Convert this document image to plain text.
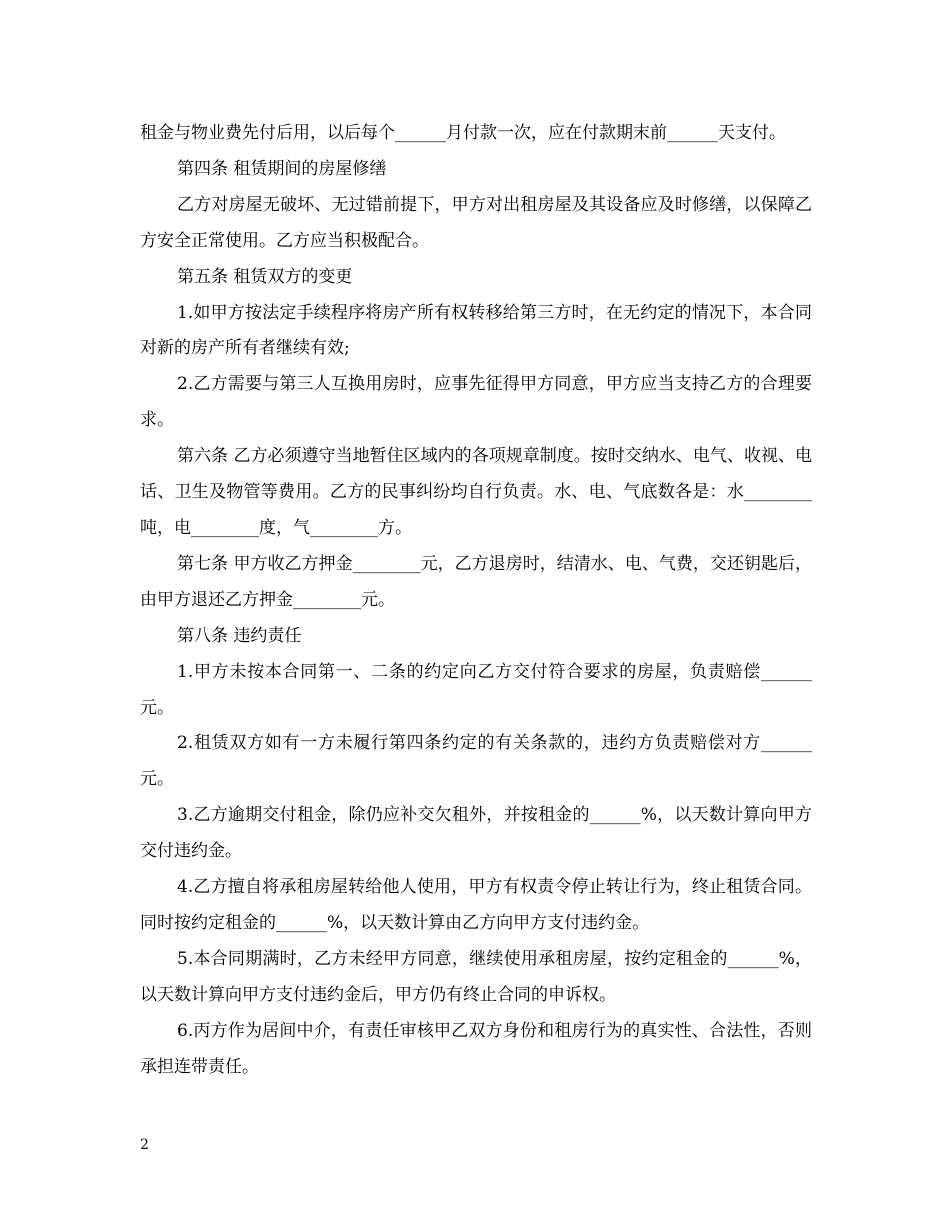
租金与物业费先付后用，以后每个______月付款一次，应在付款期末前______天支付。

第四条 租赁期间的房屋修缮

乙方对房屋无破坏、无过错前提下，甲方对出租房屋及其设备应及时修缮，以保障乙方安全正常使用。乙方应当积极配合。

第五条 租赁双方的变更

1.如甲方按法定手续程序将房产所有权转移给第三方时，在无约定的情况下，本合同对新的房产所有者继续有效;

2.乙方需要与第三人互换用房时，应事先征得甲方同意，甲方应当支持乙方的合理要求。

第六条 乙方必须遵守当地暂住区域内的各项规章制度。按时交纳水、电气、收视、电话、卫生及物管等费用。乙方的民事纠纷均自行负责。水、电、气底数各是：水________吨，电________度，气________方。

第七条 甲方收乙方押金________元，乙方退房时，结清水、电、气费，交还钥匙后，由甲方退还乙方押金________元。

第八条 违约责任

1.甲方未按本合同第一、二条的约定向乙方交付符合要求的房屋，负责赔偿______元。

2.租赁双方如有一方未履行第四条约定的有关条款的，违约方负责赔偿对方______元。

3.乙方逾期交付租金，除仍应补交欠租外，并按租金的______%，以天数计算向甲方交付违约金。

4.乙方擅自将承租房屋转给他人使用，甲方有权责令停止转让行为，终止租赁合同。同时按约定租金的______%，以天数计算由乙方向甲方支付违约金。

5.本合同期满时，乙方未经甲方同意，继续使用承租房屋，按约定租金的______%，以天数计算向甲方支付违约金后，甲方仍有终止合同的申诉权。

6.丙方作为居间中介，有责任审核甲乙双方身份和租房行为的真实性、合法性，否则承担连带责任。

2
